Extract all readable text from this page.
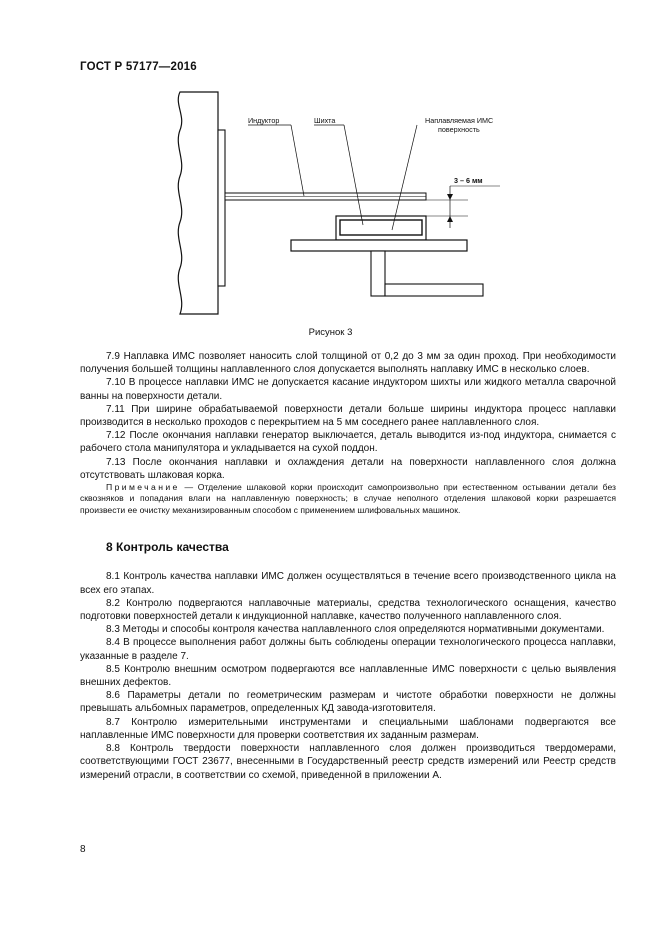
ГОСТ Р 57177—2016
Индуктор	Шихта	Наплавляемая ИМС
поверхность
3 – 6 мм
Рисунок 3

7.9 Наплавка ИМС позволяет наносить слой толщиной от 0,2 до 3 мм за один проход. При необходимости получения большей толщины наплавленного слоя допускается выполнять наплавку ИМС в несколько слоев.

7.10 В процессе наплавки ИМС не допускается касание индуктором шихты или жидкого металла сварочной ванны на поверхности детали.

7.11 При ширине обрабатываемой поверхности детали больше ширины индуктора процесс наплавки производится в несколько проходов с перекрытием на 5 мм соседнего ранее наплавленного слоя.

7.12 После окончания наплавки генератор выключается, деталь выводится из-под индуктора, снимается с рабочего стола манипулятора и укладывается на сухой поддон.

7.13 После окончания наплавки и охлаждения детали на поверхности наплавленного слоя должна отсутствовать шлаковая корка.

Примечание — Отделение шлаковой корки происходит самопроизвольно при естественном остывании детали без сквозняков и попадания влаги на наплавленную поверхность; в случае неполного отделения шлаковой корки разрешается произвести ее очистку механизированным способом с применением шлифовальных машинок.

8 Контроль качества

8.1 Контроль качества наплавки ИМС должен осуществляться в течение всего производственного цикла на всех его этапах.

8.2 Контролю подвергаются наплавочные материалы, средства технологического оснащения, качество подготовки поверхностей детали к индукционной наплавке, качество полученного наплавленного слоя.

8.3 Методы и способы контроля качества наплавленного слоя определяются нормативными документами.

8.4 В процессе выполнения работ должны быть соблюдены операции технологического процесса наплавки, указанные в разделе 7.

8.5 Контролю внешним осмотром подвергаются все наплавленные ИМС поверхности с целью выявления внешних дефектов.

8.6 Параметры детали по геометрическим размерам и чистоте обработки поверхности не должны превышать альбомных параметров, определенных КД завода-изготовителя.

8.7 Контролю измерительными инструментами и специальными шаблонами подвергаются все наплавленные ИМС поверхности для проверки соответствия их заданным размерам.

8.8 Контроль твердости поверхности наплавленного слоя должен производиться твердомерами, соответствующими ГОСТ 23677, внесенными в Государственный реестр средств измерений или Реестр средств измерений отрасли, в соответствии со схемой, приведенной в приложении А.

8
